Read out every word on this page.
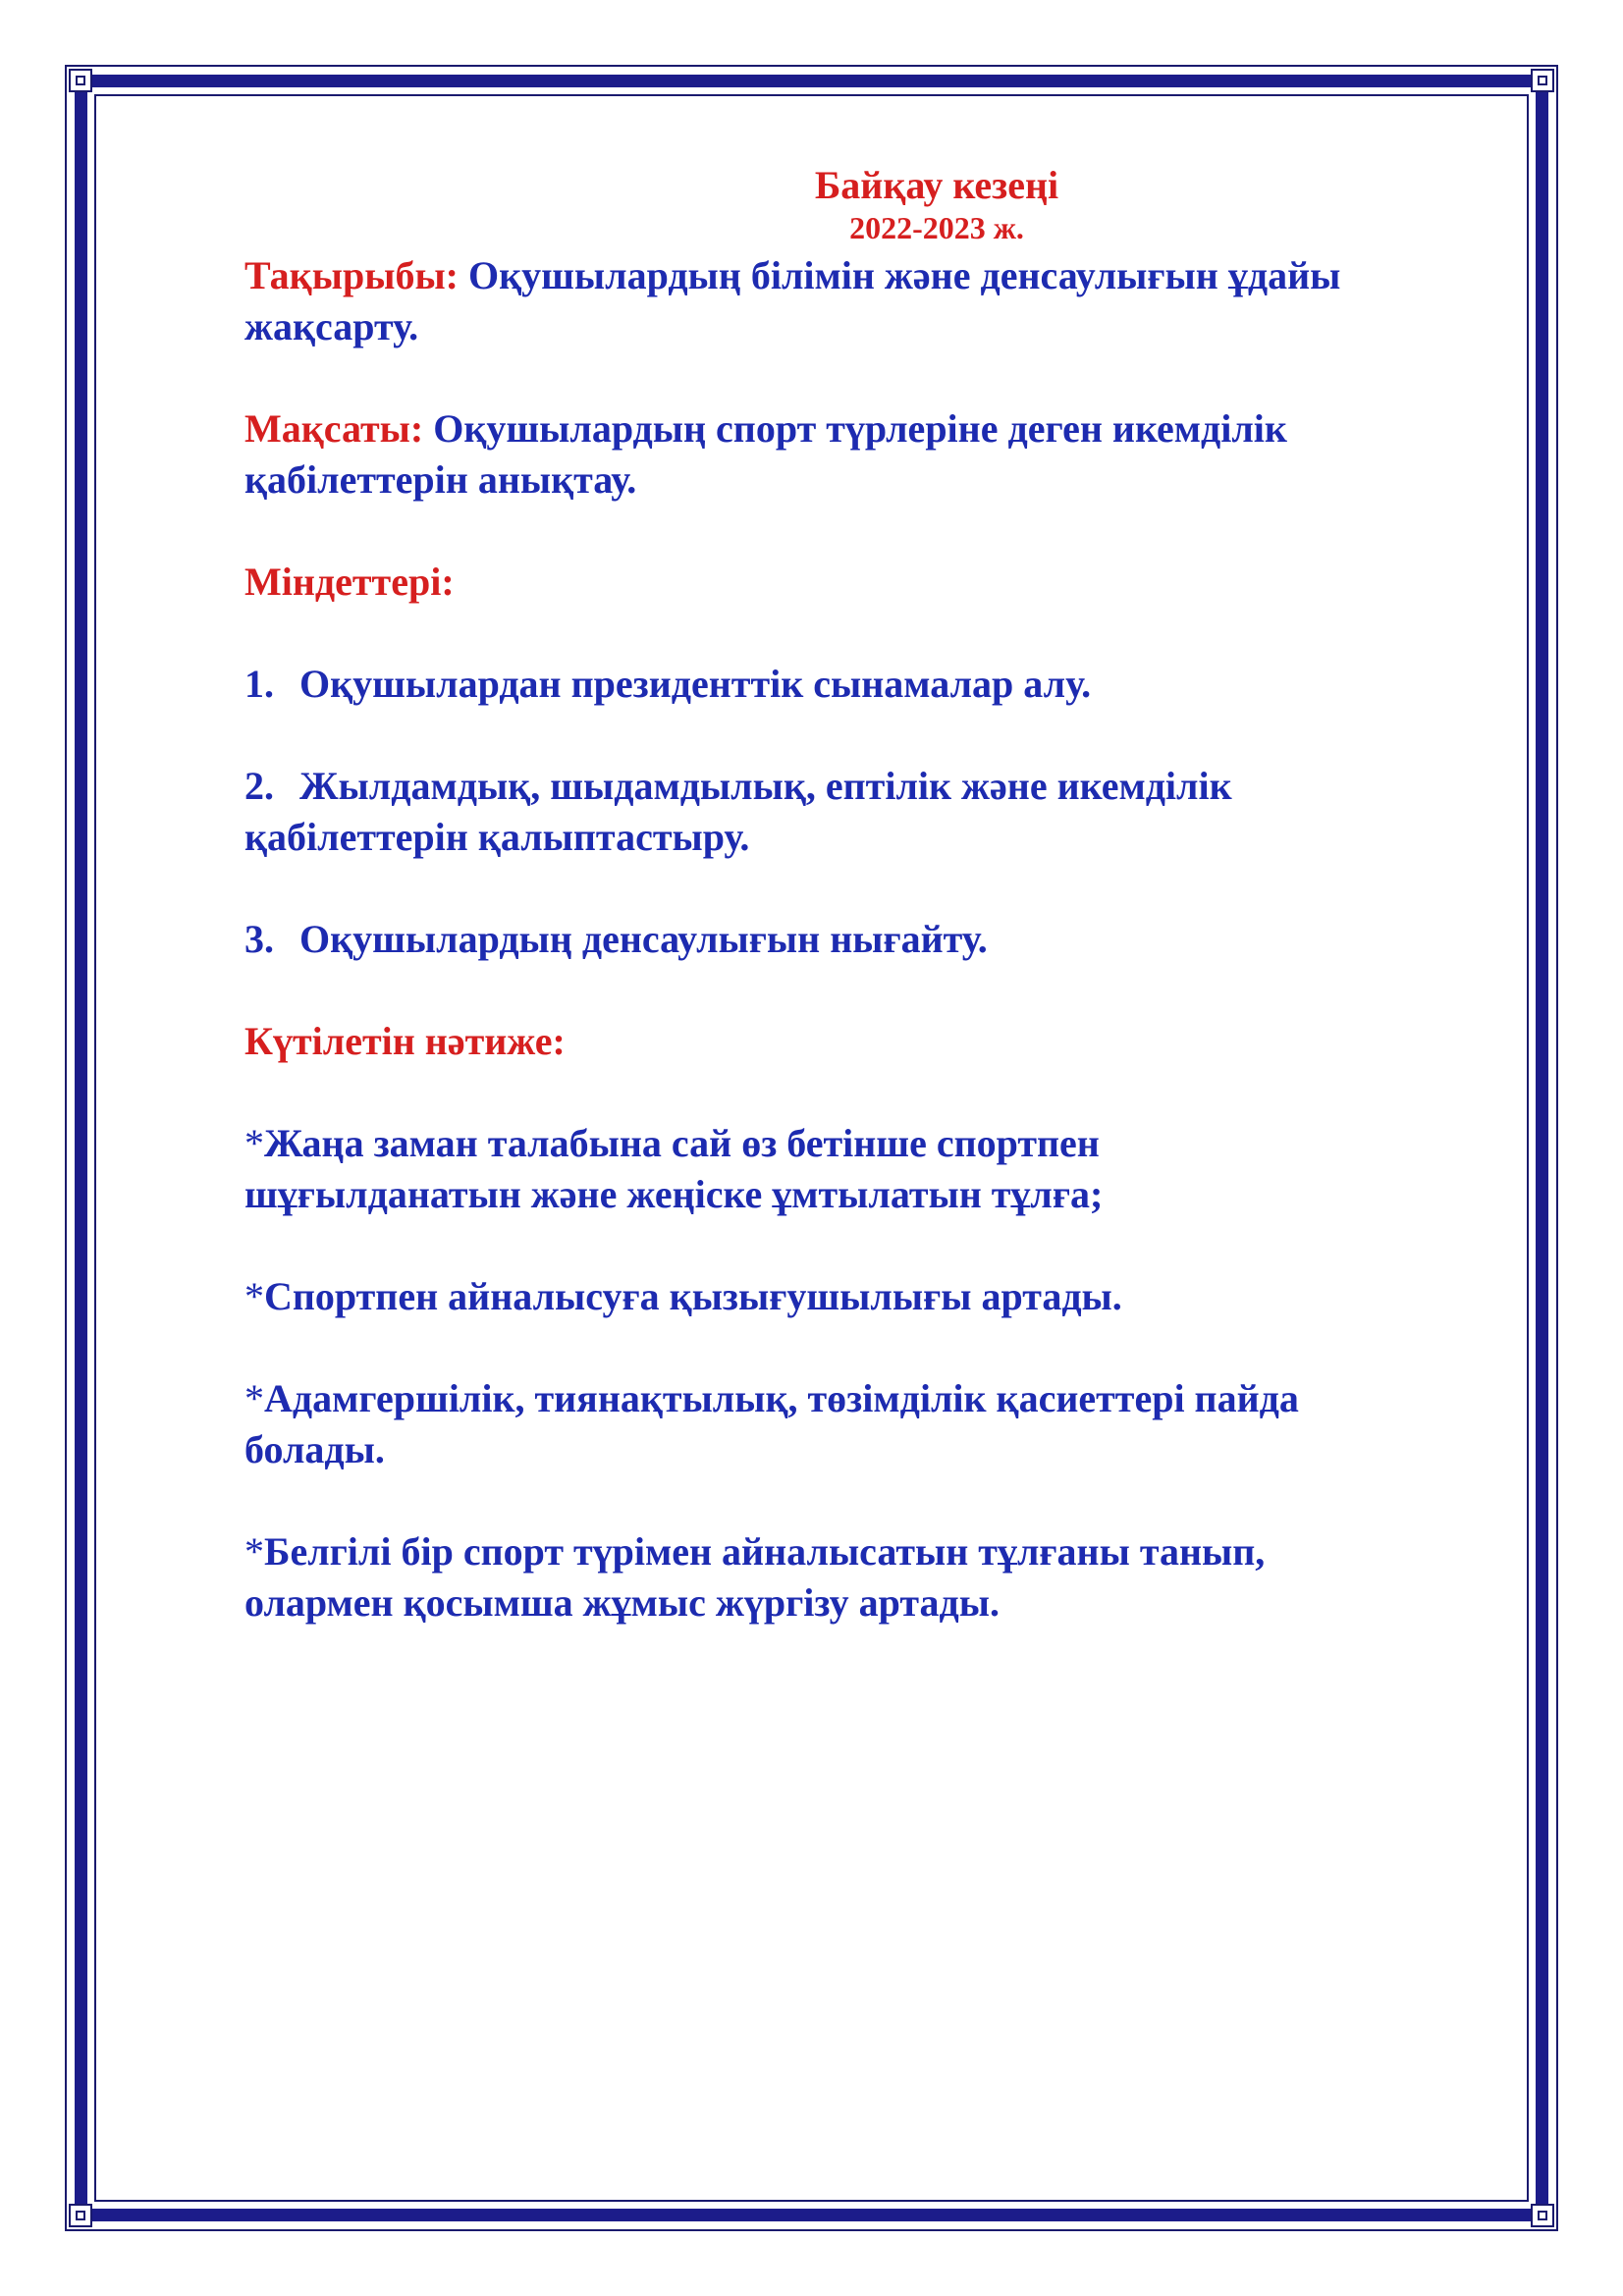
Байқау кезеңі
2022-2023 ж.

Тақырыбы: Оқушылардың білімін және денсаулығын ұдайы

жақсарту.

Мақсаты: Оқушылардың спорт түрлеріне деген икемділік

қабілеттерін анықтау.

Міндеттері:

1. Оқушылардан президенттік сынамалар алу.

2. Жылдамдық, шыдамдылық, ептілік және икемділік

қабілеттерін қалыптастыру.

3. Оқушылардың денсаулығын нығайту.

Күтілетін нәтиже:

*Жаңа заман талабына сай өз бетінше спортпен

шұғылданатын және жеңіске ұмтылатын тұлға;

*Спортпен айналысуға қызығушылығы артады.

*Адамгершілік, тиянақтылық, төзімділік қасиеттері пайда

болады.

*Белгілі бір спорт түрімен айналысатын тұлғаны танып,

олармен қосымша жұмыс жүргізу артады.
